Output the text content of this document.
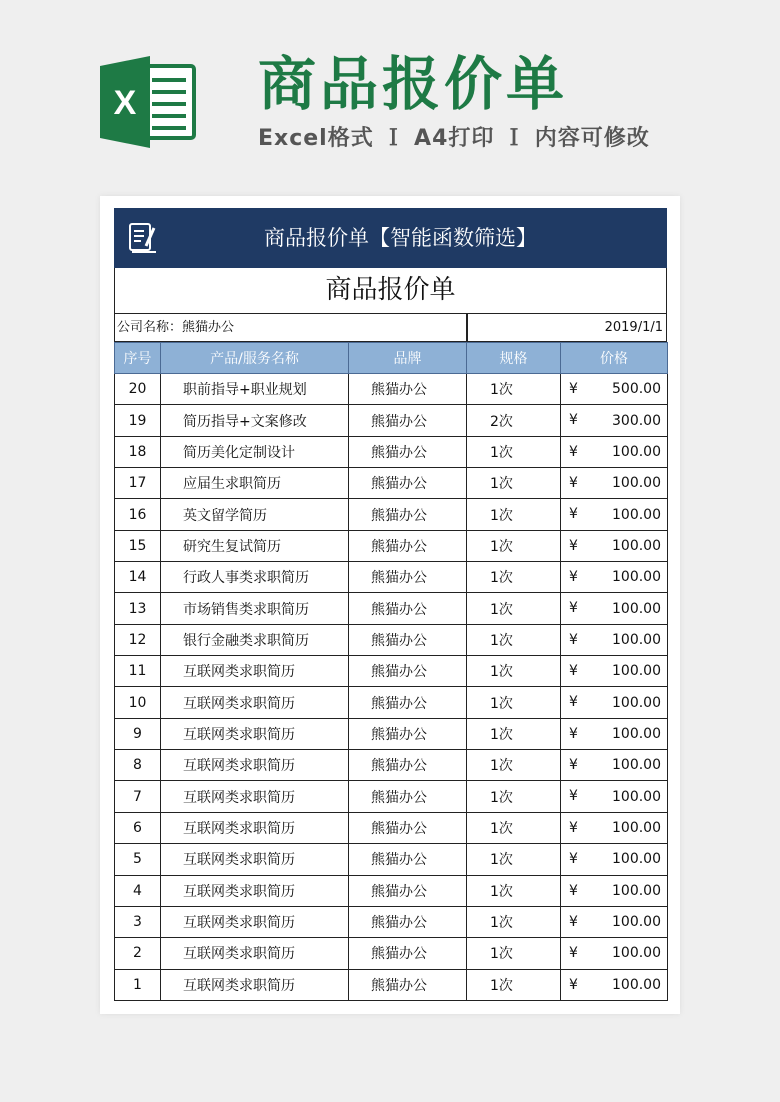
X 商品报价单
Excel格式 Ｉ A4打印 Ｉ 内容可修改
商品报价单【智能函数筛选】
商品报价单
公司名称：熊猫办公	2019/1/1
序号	产品/服务名称	品牌	规格	价格
20	职前指导+职业规划	熊猫办公	1次	¥ 500.00
19	简历指导+文案修改	熊猫办公	2次	¥ 300.00
18	简历美化定制设计	熊猫办公	1次	¥ 100.00
17	应届生求职简历	熊猫办公	1次	¥ 100.00
16	英文留学简历	熊猫办公	1次	¥ 100.00
15	研究生复试简历	熊猫办公	1次	¥ 100.00
14	行政人事类求职简历	熊猫办公	1次	¥ 100.00
13	市场销售类求职简历	熊猫办公	1次	¥ 100.00
12	银行金融类求职简历	熊猫办公	1次	¥ 100.00
11	互联网类求职简历	熊猫办公	1次	¥ 100.00
10	互联网类求职简历	熊猫办公	1次	¥ 100.00
9	互联网类求职简历	熊猫办公	1次	¥ 100.00
8	互联网类求职简历	熊猫办公	1次	¥ 100.00
7	互联网类求职简历	熊猫办公	1次	¥ 100.00
6	互联网类求职简历	熊猫办公	1次	¥ 100.00
5	互联网类求职简历	熊猫办公	1次	¥ 100.00
4	互联网类求职简历	熊猫办公	1次	¥ 100.00
3	互联网类求职简历	熊猫办公	1次	¥ 100.00
2	互联网类求职简历	熊猫办公	1次	¥ 100.00
1	互联网类求职简历	熊猫办公	1次	¥ 100.00
